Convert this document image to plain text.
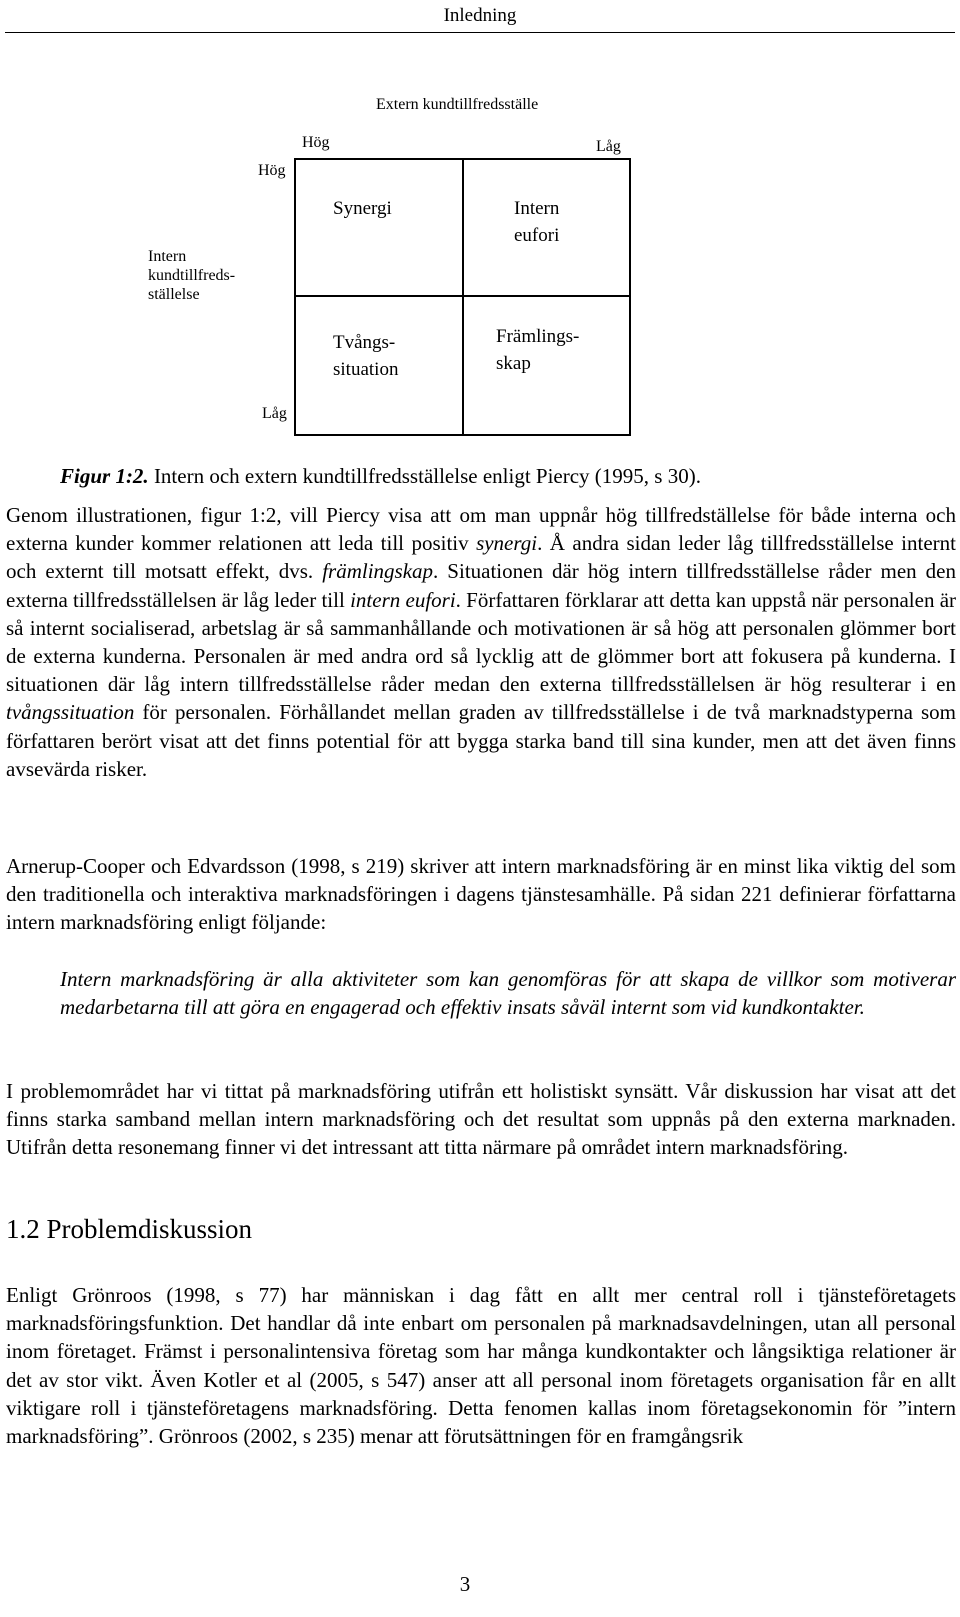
Inledning
Extern kundtillfredsställe
Hög	Låg
Hög
Intern
kundtillfreds-
ställelse
Låg
Synergi	Intern
eufori
Tvångs-
situation
Främlings-
skap
Figur 1:2. Intern och extern kundtillfredsställelse enligt Piercy (1995, s 30).

Genom illustrationen, figur 1:2, vill Piercy visa att om man uppnår hög tillfredställelse för både interna och externa kunder kommer relationen att leda till positiv synergi. Å andra sidan leder låg tillfredsställelse internt och externt till motsatt effekt, dvs. främlingskap. Situationen där hög intern tillfredsställelse råder men den externa tillfredsställelsen är låg leder till intern eufori. Författaren förklarar att detta kan uppstå när personalen är så internt socialiserad, arbetslag är så sammanhållande och motivationen är så hög att personalen glömmer bort de externa kunderna. Personalen är med andra ord så lycklig att de glömmer bort att fokusera på kunderna. I situationen där låg intern tillfredsställelse råder medan den externa tillfredsställelsen är hög resulterar i en tvångssituation för personalen. Förhållandet mellan graden av tillfredsställelse i de två marknadstyperna som författaren berört visat att det finns potential för att bygga starka band till sina kunder, men att det även finns avsevärda risker.

Arnerup-Cooper och Edvardsson (1998, s 219) skriver att intern marknadsföring är en minst lika viktig del som den traditionella och interaktiva marknadsföringen i dagens tjänstesamhälle. På sidan 221 definierar författarna intern marknadsföring enligt följande:

Intern marknadsföring är alla aktiviteter som kan genomföras för att skapa de villkor som motiverar medarbetarna till att göra en engagerad och effektiv insats såväl internt som vid kundkontakter.

I problemområdet har vi tittat på marknadsföring utifrån ett holistiskt synsätt. Vår diskussion har visat att det finns starka samband mellan intern marknadsföring och det resultat som uppnås på den externa marknaden. Utifrån detta resonemang finner vi det intressant att titta närmare på området intern marknadsföring.

1.2 Problemdiskussion

Enligt Grönroos (1998, s 77) har människan i dag fått en allt mer central roll i tjänsteföretagets marknadsföringsfunktion. Det handlar då inte enbart om personalen på marknadsavdelningen, utan all personal inom företaget. Främst i personalintensiva företag som har många kundkontakter och långsiktiga relationer är det av stor vikt. Även Kotler et al (2005, s 547) anser att all personal inom företagets organisation får en allt viktigare roll i tjänsteföretagens marknadsföring. Detta fenomen kallas inom företagsekonomin för ”intern marknadsföring”. Grönroos (2002, s 235) menar att förutsättningen för en framgångsrik

3
